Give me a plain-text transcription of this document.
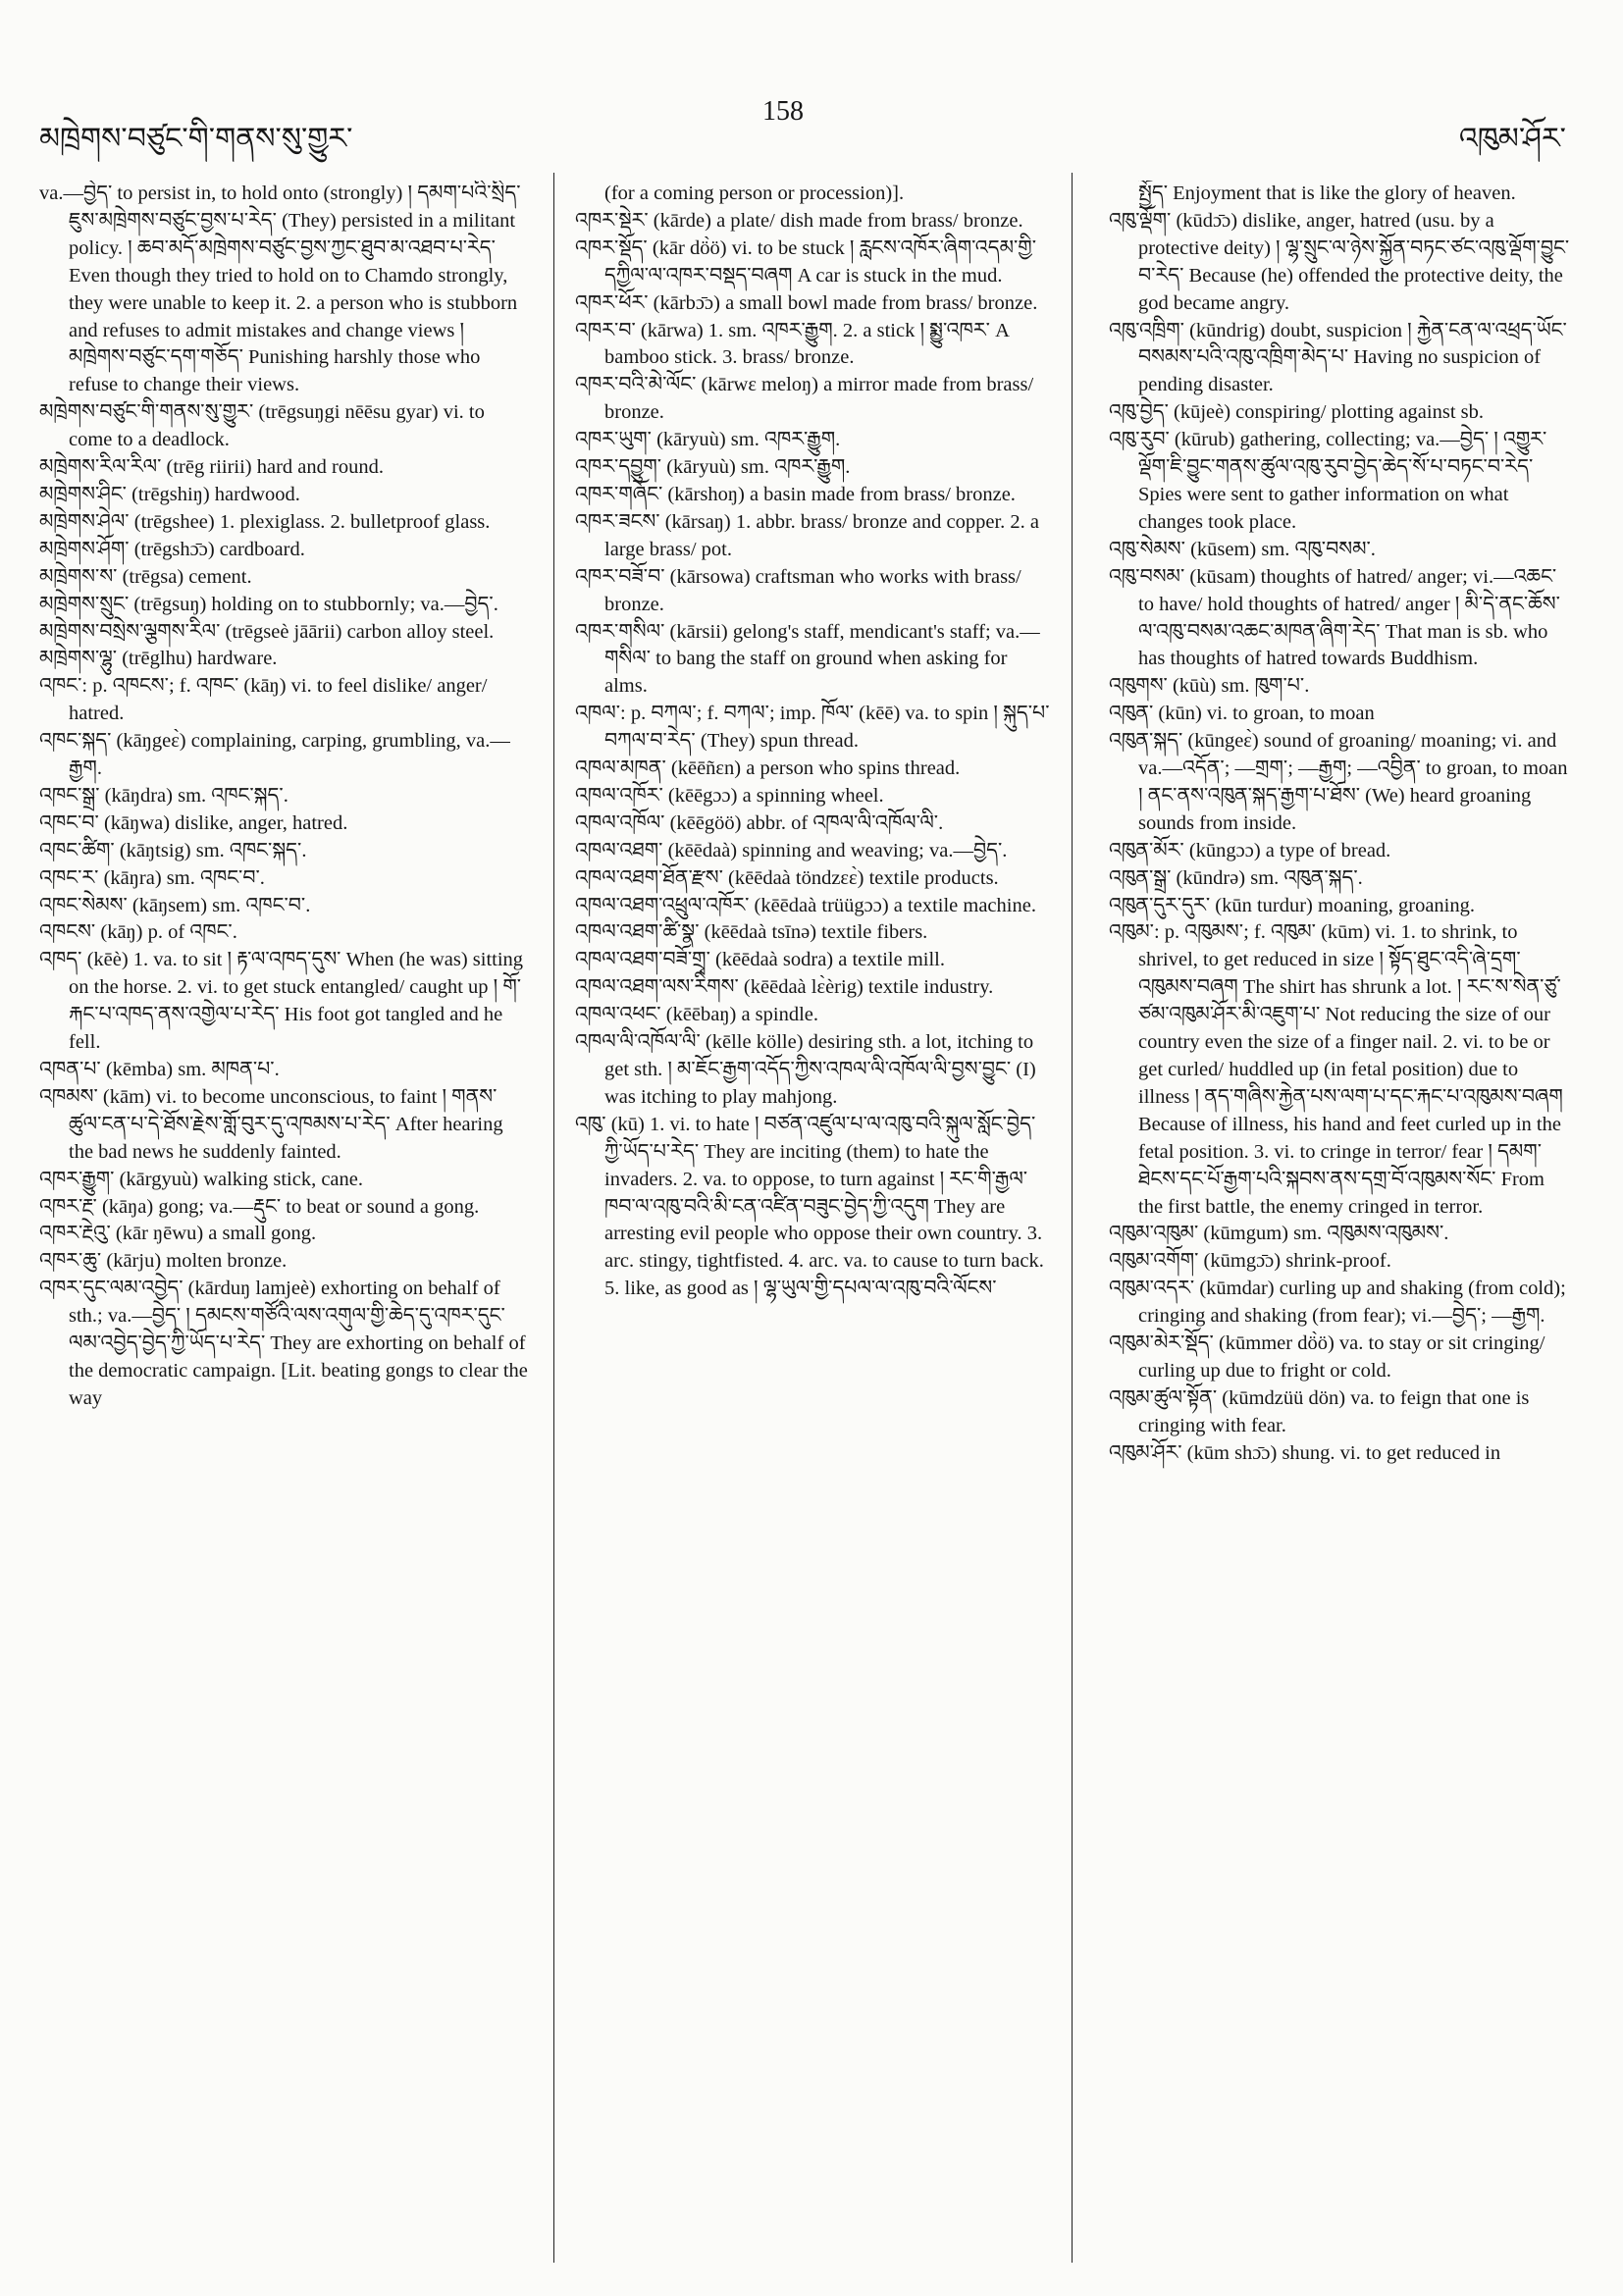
མཁྲེགས་བཙུང་གི་གནས་སུ་གྱུར་
158
འཁུམ་ཤོར་

va.—བྱེད་ to persist in, to hold onto (strongly) ། དམག་པའི་སྲིད་ཇུས་མཁྲེགས་བཙུང་བྱས་པ་རེད་ (They) persisted in a militant policy. ། ཆབ་མདོ་མཁྲེགས་བཙུང་བྱས་ཀྱང་ཐུབ་མ་འཐབ་པ་རེད་ Even though they tried to hold on to Chamdo strongly, they were unable to keep it. 2. a person who is stubborn and refuses to admit mistakes and change views ། མཁྲེགས་བཙུང་དག་གཅོད་ Punishing harshly those who refuse to change their views.

མཁྲེགས་བཙུང་གི་གནས་སུ་གྱུར་ (trēgsuŋgi nēēsu gyar) vi. to come to a deadlock.

མཁྲེགས་རིལ་རིལ་ (trēg riirii) hard and round.

མཁྲེགས་ཤིང་ (trēgshiŋ) hardwood.

མཁྲེགས་ཤེལ་ (trēgshee) 1. plexiglass. 2. bulletproof glass.

མཁྲེགས་ཤོག་ (trēgshɔ̄ɔ) cardboard.

མཁྲེགས་ས་ (trēgsa) cement.

མཁྲེགས་སྲུང་ (trēgsuŋ) holding on to stubbornly; va.—བྱེད་.

མཁྲེགས་བསྲེས་ལྕགས་རིལ་ (trēgseè jāārii) carbon alloy steel.

མཁྲེགས་ལྷུ་ (trēglhu) hardware.

འཁང་: p. འཁངས་; f. འཁང་ (kāŋ) vi. to feel dislike/ anger/ hatred.

འཁང་སྐད་ (kāŋgeɛ̀) complaining, carping, grumbling, va.—རྒྱག.

འཁང་སྒྲ་ (kāŋdra) sm. འཁང་སྐད་.

འཁང་བ་ (kāŋwa) dislike, anger, hatred.

འཁང་ཚིག་ (kāŋtsig) sm. འཁང་སྐད་.

འཁང་ར་ (kāŋra) sm. འཁང་བ་.

འཁང་སེམས་ (kāŋsem) sm. འཁང་བ་.

འཁངས་ (kāŋ) p. of འཁང་.

འཁད་ (kēè) 1. va. to sit ། རྟ་ལ་འཁད་དུས་ When (he was) sitting on the horse. 2. vi. to get stuck entangled/ caught up ། གོ་རྐང་པ་འཁད་ནས་འགྱེལ་པ་རེད་ His foot got tangled and he fell.

འཁན་པ་ (kēmba) sm. མཁན་པ་.

འཁམས་ (kām) vi. to become unconscious, to faint ། གནས་ཚུལ་ངན་པ་དེ་ཐོས་རྗེས་གློ་བུར་དུ་འཁམས་པ་རེད་ After hearing the bad news he suddenly fainted.

འཁར་རྒྱུག་ (kārgyuù) walking stick, cane.

འཁར་རྔ་ (kāŋa) gong; va.—རྡུང་ to beat or sound a gong.

འཁར་རྔེའུ་ (kār ŋēwu) a small gong.

འཁར་ཆུ་ (kārju) molten bronze.

འཁར་དུང་ལམ་འབྱེད་ (kārduŋ lamjeè) exhorting on behalf of sth.; va.—བྱེད་ ། དམངས་གཙོའི་ལས་འགུལ་གྱི་ཆེད་དུ་འཁར་དུང་ལམ་འབྱེད་བྱེད་ཀྱི་ཡོད་པ་རེད་ They are exhorting on behalf of the democratic campaign. [Lit. beating gongs to clear the way

(for a coming person or procession)].

འཁར་སྡེར་ (kārde) a plate/ dish made from brass/ bronze.

འཁར་སྡོད་ (kār dö̀ö) vi. to be stuck ། རླངས་འཁོར་ཞིག་འདམ་གྱི་དཀྱིལ་ལ་འཁར་བསྡད་བཞག A car is stuck in the mud.

འཁར་ཕོར་ (kārbɔ̄ɔ) a small bowl made from brass/ bronze.

འཁར་བ་ (kārwa) 1. sm. འཁར་རྒྱུག. 2. a stick ། སྨྱུ་འཁར་ A bamboo stick. 3. brass/ bronze.

འཁར་བའི་མེ་ལོང་ (kārwɛ meloŋ) a mirror made from brass/ bronze.

འཁར་ཡུག་ (kāryuù) sm. འཁར་རྒྱུག.

འཁར་དབྱུག་ (kāryuù) sm. འཁར་རྒྱུག.

འཁར་གཞོང་ (kārshoŋ) a basin made from brass/ bronze.

འཁར་ཟངས་ (kārsaŋ) 1. abbr. brass/ bronze and copper. 2. a large brass/ pot.

འཁར་བཟོ་བ་ (kārsowa) craftsman who works with brass/ bronze.

འཁར་གསིལ་ (kārsii) gelong's staff, mendicant's staff; va.—གསིལ་ to bang the staff on ground when asking for alms.

འཁལ་: p. བཀལ་; f. བཀལ་; imp. ཁོལ་ (kēē) va. to spin ། སྐུད་པ་བཀལ་བ་རེད་ (They) spun thread.

འཁལ་མཁན་ (kēēñɛn) a person who spins thread.

འཁལ་འཁོར་ (kēēgɔɔ) a spinning wheel.

འཁལ་འཁོལ་ (kēēgöö) abbr. of འཁལ་ལི་འཁོལ་ལི་.

འཁལ་འཐག་ (kēēdaà) spinning and weaving; va.—བྱེད་.

འཁལ་འཐག་ཐོན་རྫས་ (kēēdaà töndzɛɛ̀) textile products.

འཁལ་འཐག་འཕྲུལ་འཁོར་ (kēēdaà trüügɔɔ) a textile machine.

འཁལ་འཐག་ཚི་སྣ་ (kēēdaà tsīnə) textile fibers.

འཁལ་འཐག་བཟོ་གྲྭ་ (kēēdaà sodra) a textile mill.

འཁལ་འཐག་ལས་རིགས་ (kēēdaà lɛ̀èrig) textile industry.

འཁལ་འཕང་ (kēēbaŋ) a spindle.

འཁལ་ལི་འཁོལ་ལི་ (kēlle kölle) desiring sth. a lot, itching to get sth. ། མ་ཇོང་རྒྱག་འདོད་ཀྱིས་འཁལ་ལི་འཁོལ་ལི་བྱས་བྱུང་ (I) was itching to play mahjong.

འཁུ་ (kū) 1. vi. to hate ། བཙན་འཛུལ་པ་ལ་འཁུ་བའི་སྐུལ་སློང་བྱེད་ཀྱི་ཡོད་པ་རེད་ They are inciting (them) to hate the invaders. 2. va. to oppose, to turn against ། རང་གི་རྒྱལ་ཁབ་ལ་འཁུ་བའི་མི་ངན་འཛིན་བཟུང་བྱེད་ཀྱི་འདུག They are arresting evil people who oppose their own country. 3. arc. stingy, tightfisted. 4. arc. va. to cause to turn back. 5. like, as good as ། ལྷ་ཡུལ་གྱི་དཔལ་ལ་འཁུ་བའི་ལོངས་

སྤྱོད་ Enjoyment that is like the glory of heaven.

འཁུ་ལྡོག་ (kūdɔ̄ɔ) dislike, anger, hatred (usu. by a protective deity) ། ལྷ་སྲུང་ལ་ཉེས་སྐྱོན་བཏང་ཙང་འཁུ་ལྡོག་བྱུང་བ་རེད་ Because (he) offended the protective deity, the god became angry.

འཁུ་འཁྲིག་ (kūndrig) doubt, suspicion ། རྐྱེན་ངན་ལ་འཕྲད་ཡོང་བསམས་པའི་འཁུ་འཁྲིག་མེད་པ་ Having no suspicion of pending disaster.

འཁུ་བྱེད་ (kūjeè) conspiring/ plotting against sb.

འཁུ་རུབ་ (kūrub) gathering, collecting; va.—བྱེད་ ། འགྱུར་ལྡོག་ཇི་བྱུང་གནས་ཚུལ་འཁུ་རུབ་བྱེད་ཆེད་སོ་པ་བཏང་བ་རེད་ Spies were sent to gather information on what changes took place.

འཁུ་སེམས་ (kūsem) sm. འཁུ་བསམ་.

འཁུ་བསམ་ (kūsam) thoughts of hatred/ anger; vi.—འཆང་ to have/ hold thoughts of hatred/ anger ། མི་དེ་ནང་ཆོས་ལ་འཁུ་བསམ་འཆང་མཁན་ཞིག་རེད་ That man is sb. who has thoughts of hatred towards Buddhism.

འཁུགས་ (kūù) sm. ཁུག་པ་.

འཁུན་ (kūn) vi. to groan, to moan

འཁུན་སྐད་ (kūngeɛ̀) sound of groaning/ moaning; vi. and va.—འདོན་; —གྲག་; —རྒྱག; —འབྱིན་ to groan, to moan ། ནང་ནས་འཁུན་སྐད་རྒྱག་པ་ཐོས་ (We) heard groaning sounds from inside.

འཁུན་མོར་ (kūngɔɔ) a type of bread.

འཁུན་སྒྲ་ (kūndrə) sm. འཁུན་སྐད་.

འཁུན་དུར་དུར་ (kūn turdur) moaning, groaning.

འཁུམ་: p. འཁུམས་; f. འཁུམ་ (kūm) vi. 1. to shrink, to shrivel, to get reduced in size ། སྟོད་ཐུང་འདི་ཞེ་དྲག་འཁུམས་བཞག The shirt has shrunk a lot. ། རང་ས་སེན་ཙུ་ཙམ་འཁུམ་ཤོར་མི་འཇུག་པ་ Not reducing the size of our country even the size of a finger nail. 2. vi. to be or get curled/ huddled up (in fetal position) due to illness ། ནད་གཞིས་རྐྱེན་པས་ལག་པ་དང་རྐང་པ་འཁུམས་བཞག Because of illness, his hand and feet curled up in the fetal position. 3. vi. to cringe in terror/ fear ། དམག་ཐེངས་དང་པོ་རྒྱག་པའི་སྐབས་ནས་དགྲ་བོ་འཁུམས་སོང་ From the first battle, the enemy cringed in terror.

འཁུམ་འཁུམ་ (kūmgum) sm. འཁུམས་འཁུམས་.

འཁུམ་འགོག་ (kūmgɔ̄ɔ) shrink-proof.

འཁུམ་འདར་ (kūmdar) curling up and shaking (from cold); cringing and shaking (from fear); vi.—བྱེད་; —རྒྱག.

འཁུམ་མེར་སྡོད་ (kūmmer dö̀ö) va. to stay or sit cringing/ curling up due to fright or cold.

འཁུམ་ཚུལ་སྟོན་ (kūmdzüü dön) va. to feign that one is cringing with fear.

འཁུམ་ཤོར་ (kūm shɔ̄ɔ) shung. vi. to get reduced in
